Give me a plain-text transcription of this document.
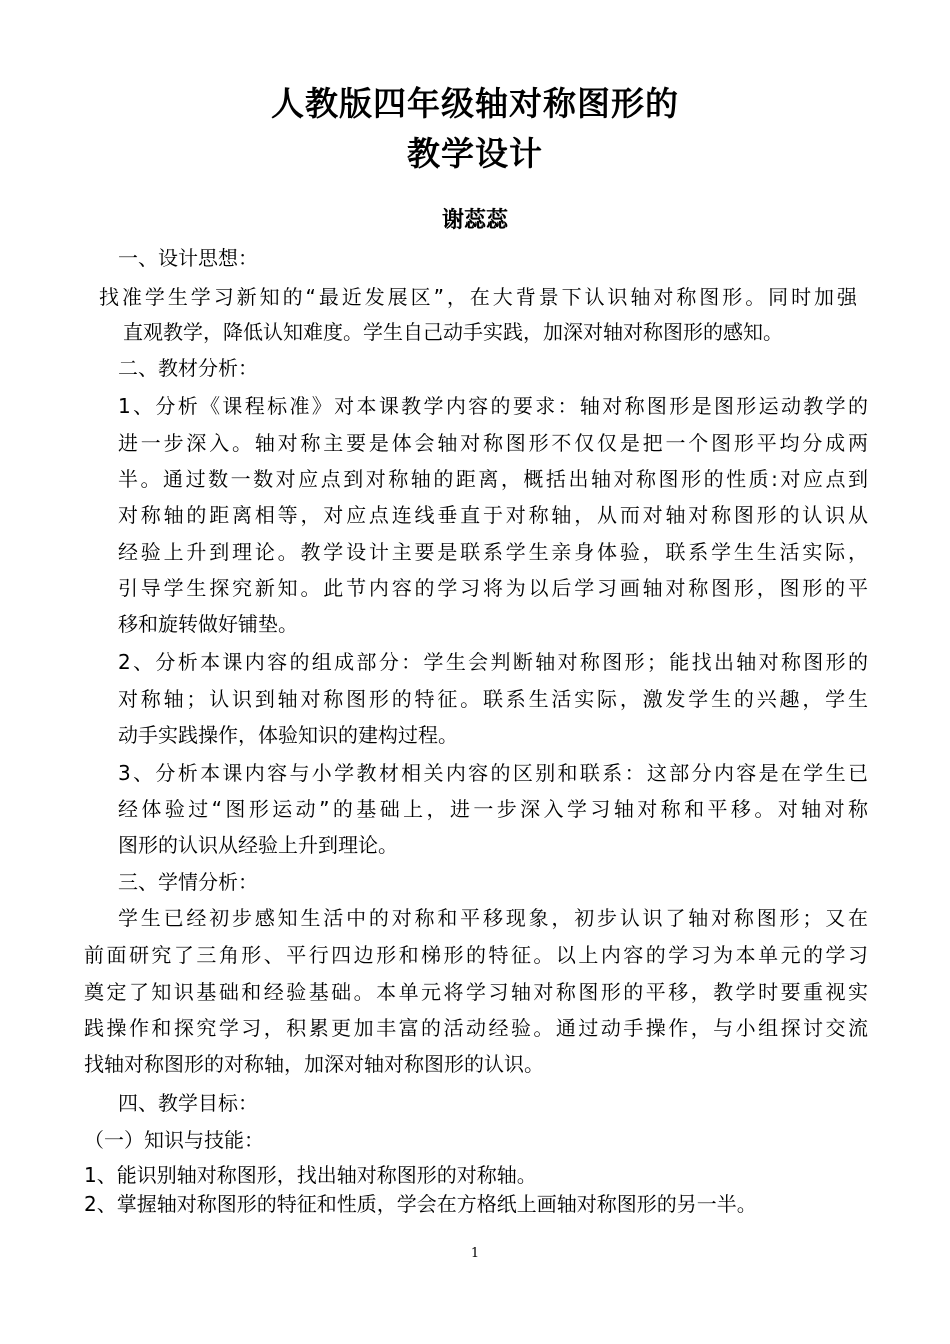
人教版四年级轴对称图形的
教学设计
谢蕊蕊
一、设计思想：
找准学生学习新知的“最近发展区”，在大背景下认识轴对称图形。同时加强
直观教学，降低认知难度。学生自己动手实践，加深对轴对称图形的感知。
二、教材分析：
1、分析《课程标准》对本课教学内容的要求：轴对称图形是图形运动教学的
进一步深入。轴对称主要是体会轴对称图形不仅仅是把一个图形平均分成两
半。通过数一数对应点到对称轴的距离，概括出轴对称图形的性质:对应点到
对称轴的距离相等，对应点连线垂直于对称轴，从而对轴对称图形的认识从
经验上升到理论。教学设计主要是联系学生亲身体验，联系学生生活实际，
引导学生探究新知。此节内容的学习将为以后学习画轴对称图形，图形的平
移和旋转做好铺垫。
2、分析本课内容的组成部分：学生会判断轴对称图形；能找出轴对称图形的
对称轴；认识到轴对称图形的特征。联系生活实际，激发学生的兴趣，学生
动手实践操作，体验知识的建构过程。
3、分析本课内容与小学教材相关内容的区别和联系：这部分内容是在学生已
经体验过“图形运动”的基础上，进一步深入学习轴对称和平移。对轴对称
图形的认识从经验上升到理论。
三、学情分析：
学生已经初步感知生活中的对称和平移现象，初步认识了轴对称图形；又在
前面研究了三角形、平行四边形和梯形的特征。以上内容的学习为本单元的学习
奠定了知识基础和经验基础。本单元将学习轴对称图形的平移，教学时要重视实
践操作和探究学习，积累更加丰富的活动经验。通过动手操作，与小组探讨交流
找轴对称图形的对称轴，加深对轴对称图形的认识。
四、教学目标：
（一）知识与技能：
1、能识别轴对称图形，找出轴对称图形的对称轴。
2、掌握轴对称图形的特征和性质，学会在方格纸上画轴对称图形的另一半。
1
